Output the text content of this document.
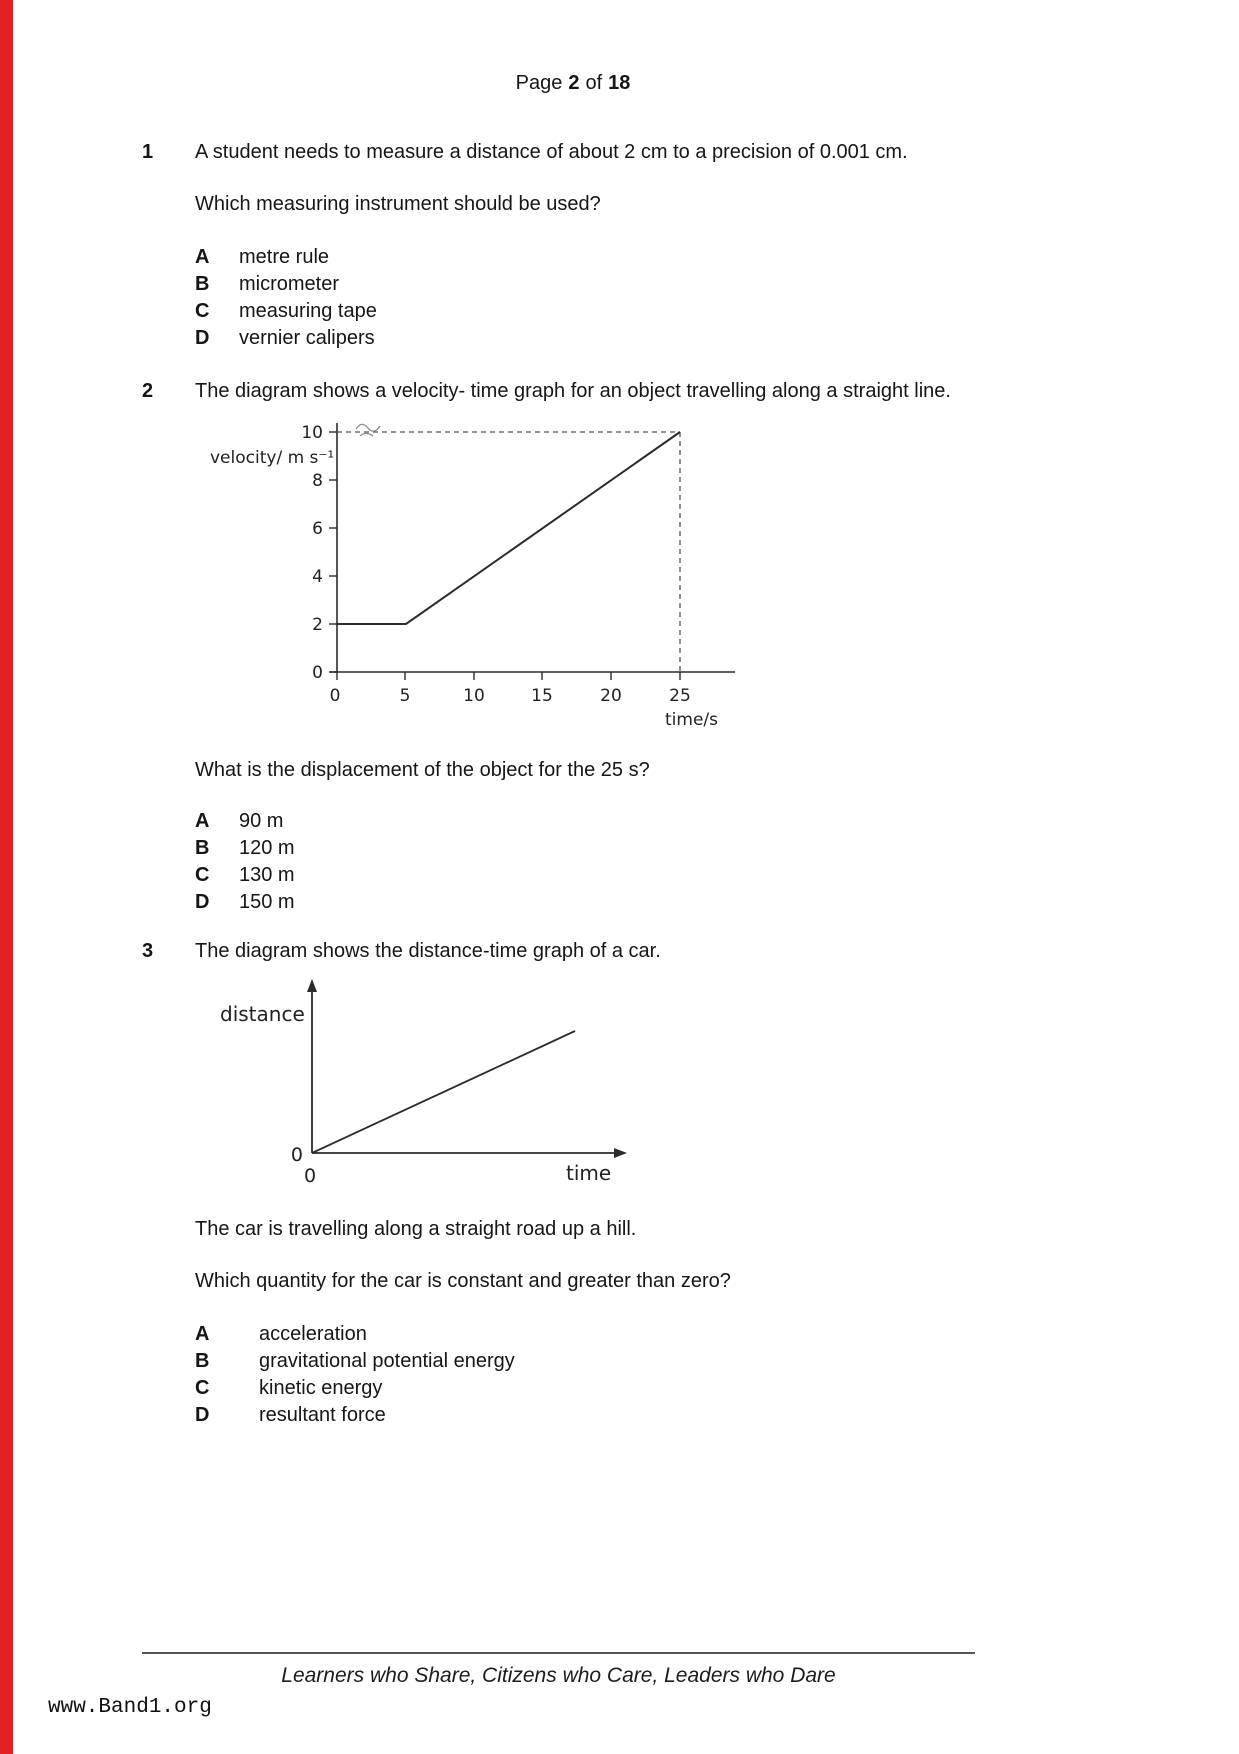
Page 2 of 18
1	A student needs to measure a distance of about 2 cm to a precision of 0.001 cm.

Which measuring instrument should be used?

A	metre rule
B	micrometer
C	measuring tape
D	vernier calipers
2	The diagram shows a velocity- time graph for an object travelling along a straight line.

velocity/ m s⁻¹
10
8
6
4
2
0
0	5	10	15	20	25
time/s

What is the displacement of the object for the 25 s?

A	90 m
B	120 m
C	130 m
D	150 m
3	The diagram shows the distance-time graph of a car.

distance
time
0
0

The car is travelling along a straight road up a hill.

Which quantity for the car is constant and greater than zero?

A	acceleration
B	gravitational potential energy
C	kinetic energy
D	resultant force
Learners who Share, Citizens who Care, Leaders who Dare
www.Band1.org
